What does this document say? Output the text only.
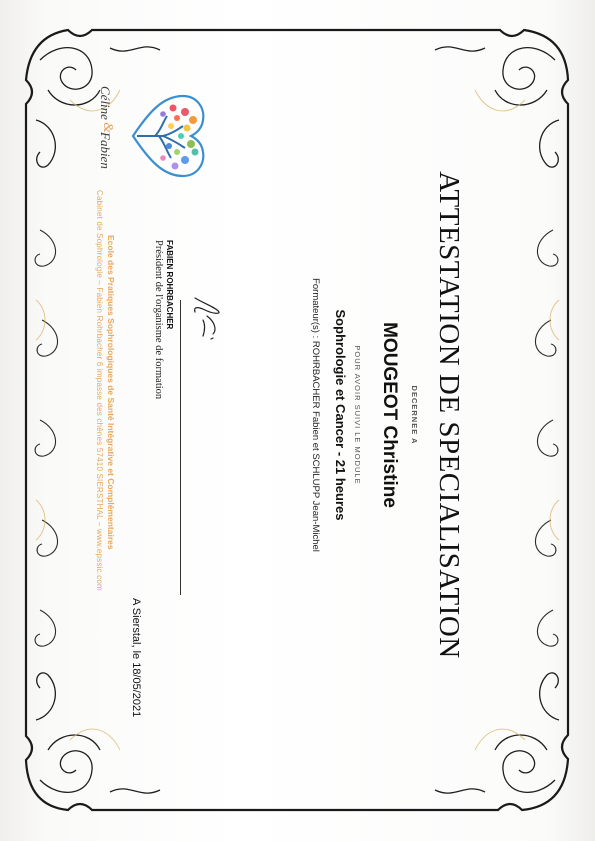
ATTESTATION DE SPECIALISATION
DECERNEE A
MOUGEOT Christine
POUR AVOIR SUIVI LE MODULE
Sophrologie et Cancer - 21 heures
Formateur(s) : ROHRBACHER Fabien et SCHLUPP Jean-Michel
A Sierstal, le 18/05/2021
FABIEN ROHRBACHER
Président de l'organisme de formation
Ecole des Pratiques Sophrologiques de Santé Intégrative et Complémentaires
Cabinet de Sophrologie – Fabien Rohrbacher 6 impasse des chênes 57410 SIERSTHAL – www.epssic.com
Céline
&
Fabien
